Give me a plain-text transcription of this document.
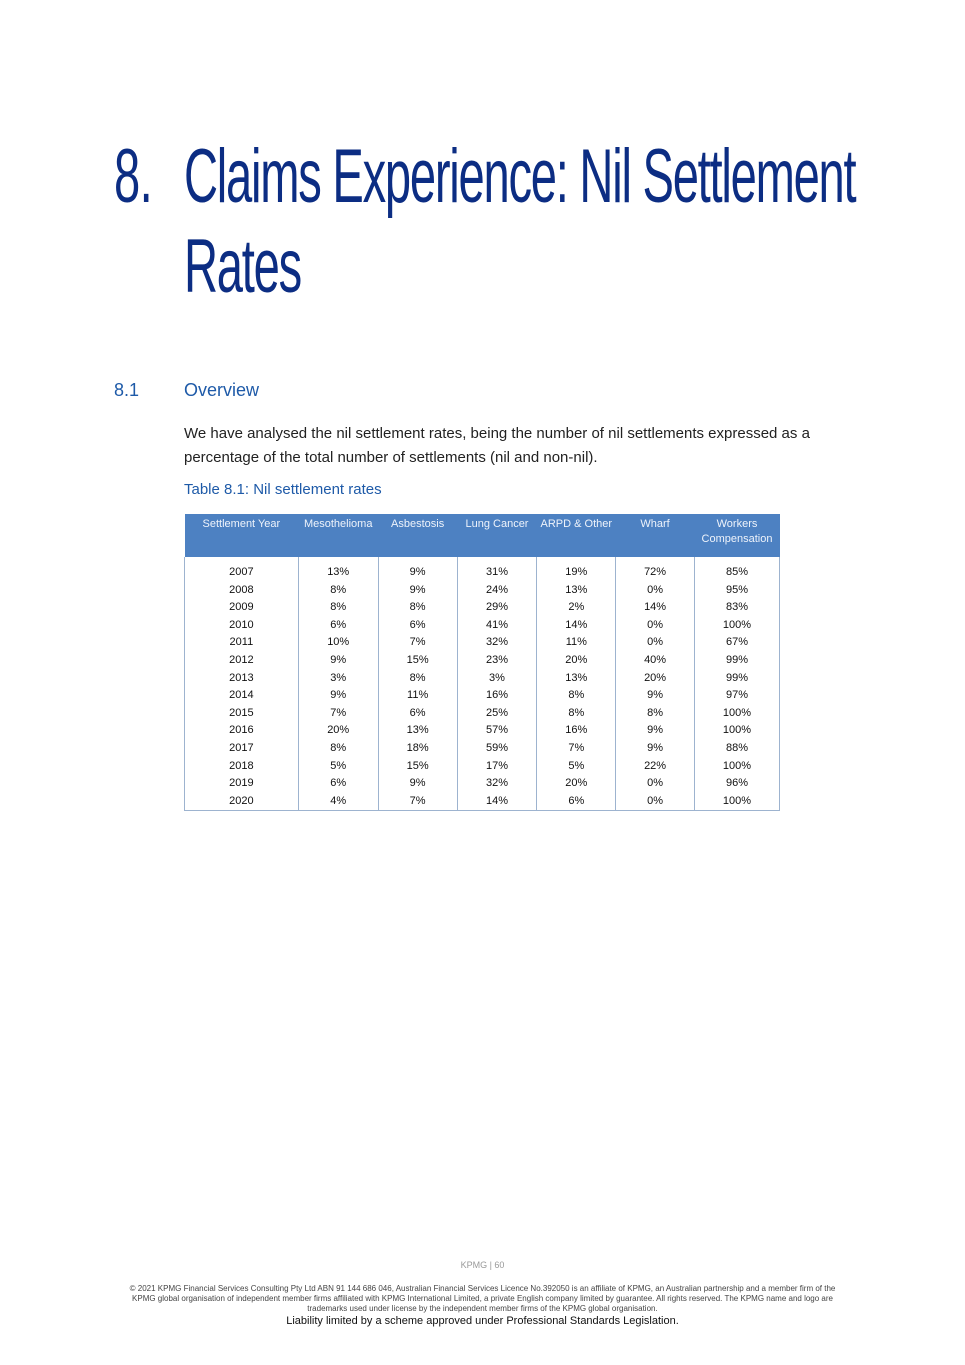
8. Claims Experience: Nil Settlement Rates
8.1 Overview

We have analysed the nil settlement rates, being the number of nil settlements expressed as a percentage of the total number of settlements (nil and non-nil).

Table 8.1: Nil settlement rates
Settlement Year	Mesothelioma	Asbestosis	Lung Cancer	ARPD & Other	Wharf	Workers Compensation
2007	13%	9%	31%	19%	72%	85%
2008	8%	9%	24%	13%	0%	95%
2009	8%	8%	29%	2%	14%	83%
2010	6%	6%	41%	14%	0%	100%
2011	10%	7%	32%	11%	0%	67%
2012	9%	15%	23%	20%	40%	99%
2013	3%	8%	3%	13%	20%	99%
2014	9%	11%	16%	8%	9%	97%
2015	7%	6%	25%	8%	8%	100%
2016	20%	13%	57%	16%	9%	100%
2017	8%	18%	59%	7%	9%	88%
2018	5%	15%	17%	5%	22%	100%
2019	6%	9%	32%	20%	0%	96%
2020	4%	7%	14%	6%	0%	100%
KPMG | 60

© 2021 KPMG Financial Services Consulting Pty Ltd ABN 91 144 686 046, Australian Financial Services Licence No.392050 is an affiliate of KPMG, an Australian partnership and a member firm of the KPMG global organisation of independent member firms affiliated with KPMG International Limited, a private English company limited by guarantee. All rights reserved. The KPMG name and logo are trademarks used under license by the independent member firms of the KPMG global organisation.

Liability limited by a scheme approved under Professional Standards Legislation.
